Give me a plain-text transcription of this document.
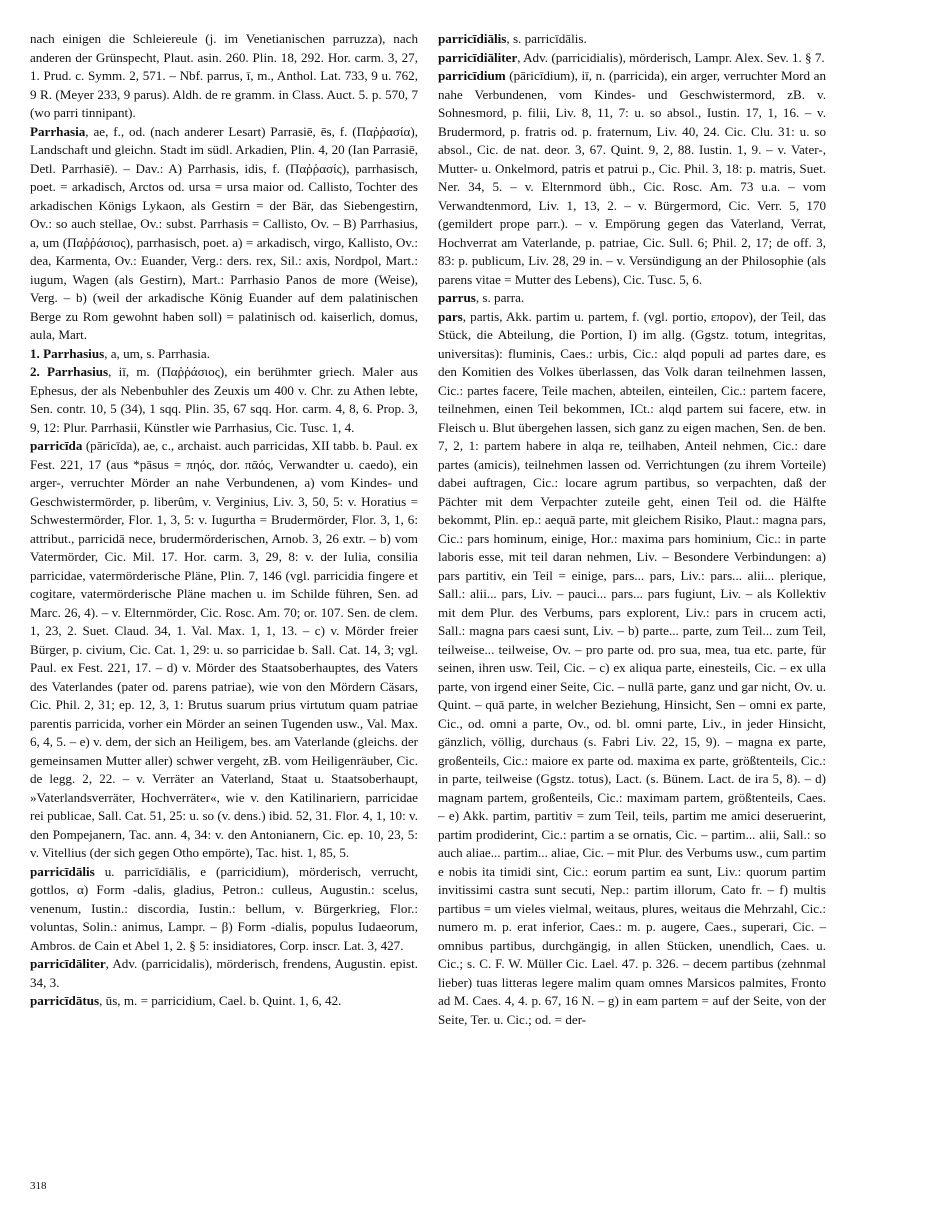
nach einigen die Schleiereule (j. im Venetianischen parruzza), nach anderen der Grünspecht, Plaut. asin. 260. Plin. 18, 292. Hor. carm. 3, 27, 1. Prud. c. Symm. 2, 571. – Nbf. parrus, ī, m., Anthol. Lat. 733, 9 u. 762, 9 R. (Meyer 233, 9 parus). Aldh. de re gramm. in Class. Auct. 5. p. 570, 7 (wo parri tinnipant).

Parrhasia, ae, f., od. (nach anderer Lesart) Parrasiē, ēs, f. (Παῤῥασία), Landschaft und gleichn. Stadt im südl. Arkadien, Plin. 4, 20 (Ian Parrasiē, Detl. Parrhasiē). – Dav.: A) Parrhasis, idis, f. (Παῤῥασίς), parrhasisch, poet. = arkadisch, Arctos od. ursa = ursa maior od. Callisto, Tochter des arkadischen Königs Lykaon, als Gestirn = der Bär, das Siebengestirn, Ov.: so auch stellae, Ov.: subst. Parrhasis = Callisto, Ov. – B) Parrhasius, a, um (Παῤῥάσιος), parrhasisch, poet. a) = arkadisch, virgo, Kallisto, Ov.: dea, Karmenta, Ov.: Euander, Verg.: ders. rex, Sil.: axis, Nordpol, Mart.: iugum, Wagen (als Gestirn), Mart.: Parrhasio Panos de more (Weise), Verg. – b) (weil der arkadische König Euander auf dem palatinischen Berge zu Rom gewohnt haben soll) = palatinisch od. kaiserlich, domus, aula, Mart.

1. Parrhasius, a, um, s. Parrhasia.

2. Parrhasius, iī, m. (Παῤῥάσιος), ein berühmter griech. Maler aus Ephesus, der als Nebenbuhler des Zeuxis um 400 v. Chr. zu Athen lebte, Sen. contr. 10, 5 (34), 1 sqq. Plin. 35, 67 sqq. Hor. carm. 4, 8, 6. Prop. 3, 9, 12: Plur. Parrhasii, Künstler wie Parrhasius, Cic. Tusc. 1, 4.

parricīda (pāricīda), ae, c., archaist. auch parricidas, XII tabb. b. Paul. ex Fest. 221, 17 (aus *pāsus = πηός, dor. πᾱός, Verwandter u. caedo), ein arger-, verruchter Mörder an nahe Verbundenen, a) vom Kindes- und Geschwistermörder, p. liberûm, v. Verginius, Liv. 3, 50, 5: v. Horatius = Schwestermörder, Flor. 1, 3, 5: v. Iugurtha = Brudermörder, Flor. 3, 1, 6: attribut., parricidā nece, brudermörderischen, Arnob. 3, 26 extr. – b) vom Vatermörder, Cic. Mil. 17. Hor. carm. 3, 29, 8: v. der Iulia, consilia parricidae, vatermörderische Pläne, Plin. 7, 146 (vgl. parricidia fingere et cogitare, vatermörderische Pläne machen u. im Schilde führen, Sen. ad Marc. 26, 4). – v. Elternmörder, Cic. Rosc. Am. 70; or. 107. Sen. de clem. 1, 23, 2. Suet. Claud. 34, 1. Val. Max. 1, 1, 13. – c) v. Mörder freier Bürger, p. civium, Cic. Cat. 1, 29: u. so parricidae b. Sall. Cat. 14, 3; vgl. Paul. ex Fest. 221, 17. – d) v. Mörder des Staatsoberhauptes, des Vaters des Vaterlandes (pater od. parens patriae), wie von den Mördern Cäsars, Cic. Phil. 2, 31; ep. 12, 3, 1: Brutus suarum prius virtutum quam patriae parentis parricida, vorher ein Mörder an seinen Tugenden usw., Val. Max. 6, 4, 5. – e) v. dem, der sich an Heiligem, bes. am Vaterlande (gleichs. der gemeinsamen Mutter aller) schwer vergeht, zB. vom Heiligenräuber, Cic. de legg. 2, 22. – v. Verräter an Vaterland, Staat u. Staatsoberhaupt, »Vaterlandsverräter, Hochverräter«, wie v. den Katilinariern, parricidae rei publicae, Sall. Cat. 51, 25: u. so (v. dens.) ibid. 52, 31. Flor. 4, 1, 10: v. den Pompejanern, Tac. ann. 4, 34: v. den Antonianern, Cic. ep. 10, 23, 5: v. Vitellius (der sich gegen Otho empörte), Tac. hist. 1, 85, 5.

parricīdālis u. parricīdiālis, e (parricidium), mörderisch, verrucht, gottlos, α) Form -dalis, gladius, Petron.: culleus, Augustin.: scelus, venenum, Iustin.: discordia, Iustin.: bellum, v. Bürgerkrieg, Flor.: voluntas, Solin.: animus, Lampr. – β) Form -dialis, populus Iudaeorum, Ambros. de Cain et Abel 1, 2. § 5: insidiatores, Corp. inscr. Lat. 3, 427.

parricīdāliter, Adv. (parricidalis), mörderisch, frendens, Augustin. epist. 34, 3.

parricīdātus, ūs, m. = parricidium, Cael. b. Quint. 1, 6, 42.

parricīdiālis, s. parricīdālis.

parricīdiāliter, Adv. (parricidialis), mörderisch, Lampr. Alex. Sev. 1. § 7.

parricīdium (pāricīdium), iī, n. (parricida), ein arger, verruchter Mord an nahe Verbundenen, vom Kindes- und Geschwistermord, zB. v. Sohnesmord, p. filii, Liv. 8, 11, 7: u. so absol., Iustin. 17, 1, 16. – v. Brudermord, p. fratris od. p. fraternum, Liv. 40, 24. Cic. Clu. 31: u. so absol., Cic. de nat. deor. 3, 67. Quint. 9, 2, 88. Iustin. 1, 9. – v. Vater-, Mutter- u. Onkelmord, patris et patrui p., Cic. Phil. 3, 18: p. matris, Suet. Ner. 34, 5. – v. Elternmord übh., Cic. Rosc. Am. 73 u.a. – vom Verwandtenmord, Liv. 1, 13, 2. – v. Bürgermord, Cic. Verr. 5, 170 (gemildert prope parr.). – v. Empörung gegen das Vaterland, Verrat, Hochverrat am Vaterlande, p. patriae, Cic. Sull. 6; Phil. 2, 17; de off. 3, 83: p. publicum, Liv. 28, 29 in. – v. Versündigung an der Philosophie (als parens vitae = Mutter des Lebens), Cic. Tusc. 5, 6.

parrus, s. parra.

pars, partis, Akk. partim u. partem, f. (vgl. portio, επορον), der Teil, das Stück, die Abteilung, die Portion, I) im allg. (Ggstz. totum, integritas, universitas): fluminis, Caes.: urbis, Cic.: alqd populi ad partes dare, es den Komitien des Volkes überlassen, das Volk daran teilnehmen lassen, Cic.: partes facere, Teile machen, abteilen, einteilen, Cic.: partem facere, teilnehmen, einen Teil bekommen, ICt.: alqd partem sui facere, etw. in Fleisch u. Blut übergehen lassen, sich ganz zu eigen machen, Sen. de ben. 7, 2, 1: partem habere in alqa re, teilhaben, Anteil nehmen, Cic.: dare partes (amicis), teilnehmen lassen od. Verrichtungen (zu ihrem Vorteile) dabei auftragen, Cic.: locare agrum partibus, so verpachten, daß der Pächter mit dem Verpachter zuteile geht, einen Teil od. die Hälfte bekommt, Plin. ep.: aequā parte, mit gleichem Risiko, Plaut.: magna pars, Cic.: pars hominum, einige, Hor.: maxima pars hominium, Cic.: in parte laboris esse, mit teil daran nehmen, Liv. – Besondere Verbindungen: a) pars partitiv, ein Teil = einige, pars... pars, Liv.: pars... alii... plerique, Sall.: alii... pars, Liv. – pauci... pars... pars fugiunt, Liv. – als Kollektiv mit dem Plur. des Verbums, pars explorent, Liv.: pars in crucem acti, Sall.: magna pars caesi sunt, Liv. – b) parte... parte, zum Teil... zum Teil, teilweise... teilweise, Ov. – pro parte od. pro sua, mea, tua etc. parte, für seinen, ihren usw. Teil, Cic. – c) ex aliqua parte, einesteils, Cic. – ex ulla parte, von irgend einer Seite, Cic. – nullā parte, ganz und gar nicht, Ov. u. Quint. – quā parte, in welcher Beziehung, Hinsicht, Sen – omni ex parte, Cic., od. omni a parte, Ov., od. bl. omni parte, Liv., in jeder Hinsicht, gänzlich, völlig, durchaus (s. Fabri Liv. 22, 15, 9). – magna ex parte, großenteils, Cic.: maiore ex parte od. maxima ex parte, größtenteils, Cic.: in parte, teilweise (Ggstz. totus), Lact. (s. Bünem. Lact. de ira 5, 8). – d) magnam partem, großenteils, Cic.: maximam partem, größtenteils, Caes. – e) Akk. partim, partitiv = zum Teil, teils, partim me amici deseruerint, partim prodiderint, Cic.: partim a se ornatis, Cic. – partim... alii, Sall.: so auch aliae... partim... aliae, Cic. – mit Plur. des Verbums usw., cum partim e nobis ita timidi sint, Cic.: eorum partim ea sunt, Liv.: quorum partim invitissimi castra sunt secuti, Nep.: partim illorum, Cato fr. – f) multis partibus = um vieles vielmal, weitaus, plures, weitaus die Mehrzahl, Cic.: numero m. p. erat inferior, Caes.: m. p. augere, Caes., superari, Cic. – omnibus partibus, durchgängig, in allen Stücken, unendlich, Caes. u. Cic.; s. C. F. W. Müller Cic. Lael. 47. p. 326. – decem partibus (zehnmal lieber) tuas litteras legere malim quam omnes Marsicos palmites, Fronto ad M. Caes. 4, 4. p. 67, 16 N. – g) in eam partem = auf der Seite, von der Seite, Ter. u. Cic.; od. = der-

318
